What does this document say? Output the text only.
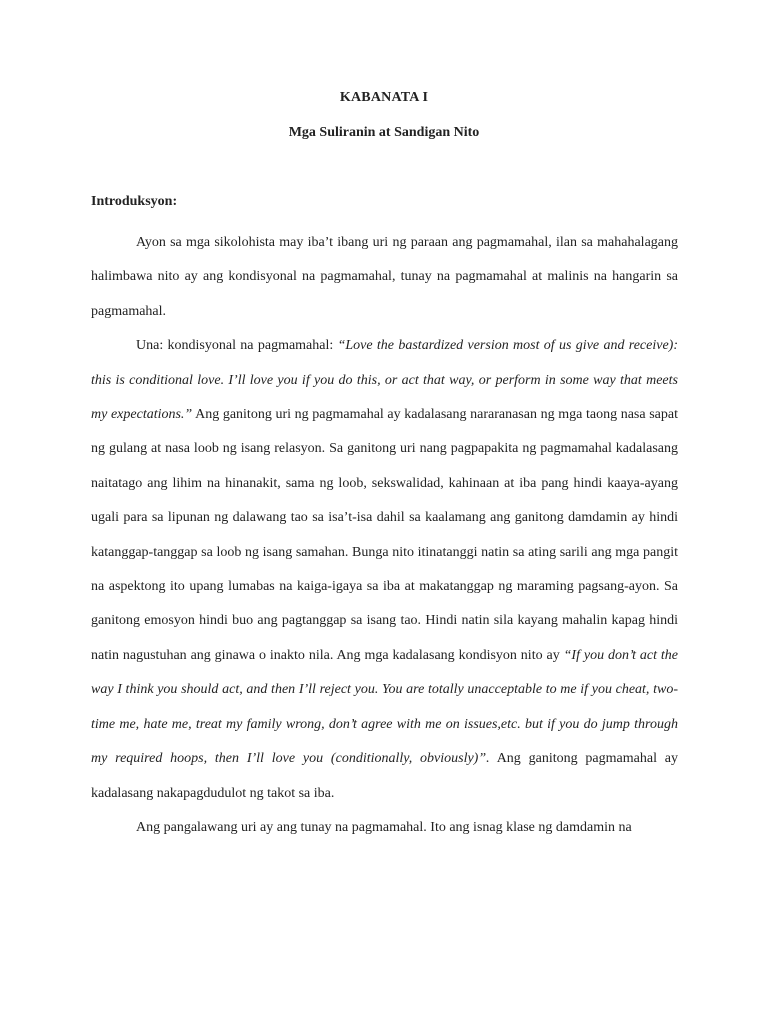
KABANATA I
Mga Suliranin at Sandigan Nito
Introduksyon:

Ayon sa mga sikolohista may iba’t ibang uri ng paraan ang pagmamahal, ilan sa mahahalagang halimbawa nito ay ang kondisyonal na pagmamahal, tunay na pagmamahal at malinis na hangarin sa pagmamahal.

Una: kondisyonal na pagmamahal: “Love the bastardized version most of us give and receive): this is conditional love. I’ll love you if you do this, or act that way, or perform in some way that meets my expectations.” Ang ganitong uri ng pagmamahal ay kadalasang nararanasan ng mga taong nasa sapat ng gulang at nasa loob ng isang relasyon. Sa ganitong uri nang pagpapakita ng pagmamahal kadalasang naitatago ang lihim na hinanakit, sama ng loob, sekswalidad, kahinaan at iba pang hindi kaaya-ayang ugali para sa lipunan ng dalawang tao sa isa’t-isa dahil sa kaalamang ang ganitong damdamin ay hindi katanggap-tanggap sa loob ng isang samahan. Bunga nito itinatanggi natin sa ating sarili ang mga pangit na aspektong ito upang lumabas na kaiga-igaya sa iba at makatanggap ng maraming pagsang-ayon. Sa ganitong emosyon hindi buo ang pagtanggap sa isang tao. Hindi natin sila kayang mahalin kapag hindi natin nagustuhan ang ginawa o inakto nila. Ang mga kadalasang kondisyon nito ay “If you don’t act the way I think you should act, and then I’ll reject you. You are totally unacceptable to me if you cheat, two-time me, hate me, treat my family wrong, don’t agree with me on issues,etc. but if you do jump through my required hoops, then I’ll love you (conditionally, obviously)”. Ang ganitong pagmamahal ay kadalasang nakapagdudulot ng takot sa iba.

Ang pangalawang uri ay ang tunay na pagmamahal. Ito ang isnag klase ng damdamin na
